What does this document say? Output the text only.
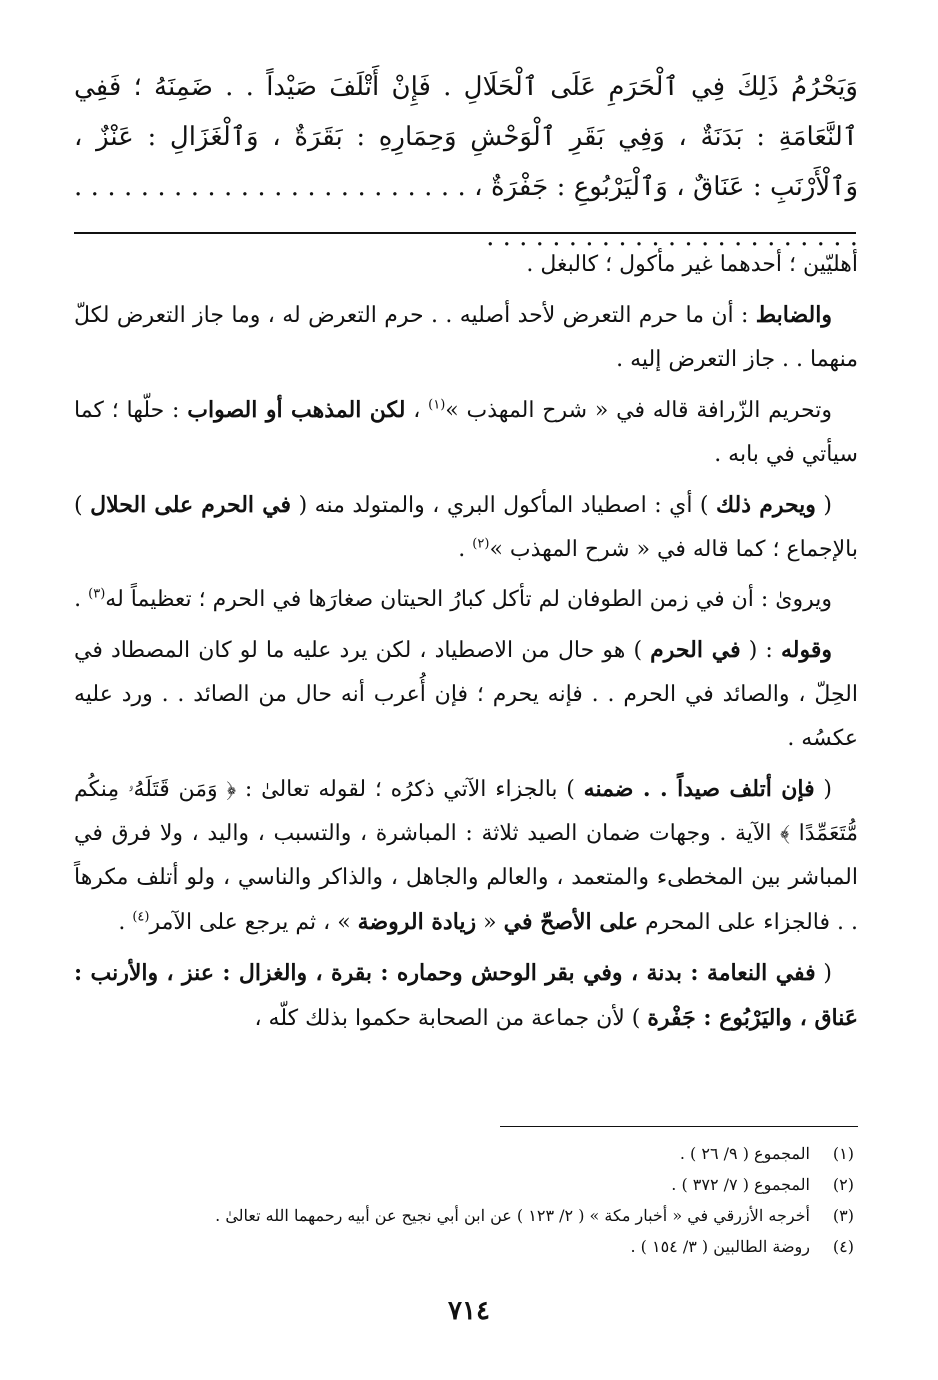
وَيَحْرُمُ ذَلِكَ فِي ٱلْحَرَمِ عَلَى ٱلْحَلَالِ . فَإِنْ أَتْلَفَ صَيْداً . . ضَمِنَهُ ؛ فَفِي ٱلنَّعَامَةِ : بَدَنَةٌ ، وَفِي بَقَرِ ٱلْوَحْشِ وَحِمَارِهِ : بَقَرَةٌ ، وَٱلْغَزَالِ : عَنْزٌ ، وَٱلْأَرْنَبِ : عَنَاقٌ ، وَٱلْيَرْبُوعِ : جَفْرَةٌ ، . . . . . . . . . . . . . . . . . . . . . . . . . . . . . . . . . . . . . . . . . . . . . . .

أهليّين ؛ أحدهما غير مأكول ؛ كالبغل .

والضابط : أن ما حرم التعرض لأحد أصليه . . حرم التعرض له ، وما جاز التعرض لكلّ منهما . . جاز التعرض إليه .

وتحريم الزّرافة قاله في « شرح المهذب »$^{(١)}$ ، لكن المذهب أو الصواب : حلّها ؛ كما سيأتي في بابه .

( ويحرم ذلك ) أي : اصطياد المأكول البري ، والمتولد منه ( في الحرم على الحلال ) بالإجماع ؛ كما قاله في « شرح المهذب »$^{(٢)}$ .

ويروىٰ : أن في زمن الطوفان لم تأكل كبارُ الحيتان صغارَها في الحرم ؛ تعظيماً له$^{(٣)}$ .

وقوله : ( في الحرم ) هو حال من الاصطياد ، لكن يرد عليه ما لو كان المصطاد في الحِلّ ، والصائد في الحرم . . فإنه يحرم ؛ فإن أُعرب أنه حال من الصائد . . ورد عليه عكسُه .

( فإن أتلف صيداً . . ضمنه ) بالجزاء الآتي ذكرُه ؛ لقوله تعالىٰ : ﴿ وَمَن قَتَلَهُۥ مِنكُم مُّتَعَمِّدًا ﴾ الآية . وجهات ضمان الصيد ثلاثة : المباشرة ، والتسبب ، واليد ، ولا فرق في المباشر بين المخطىء والمتعمد ، والعالم والجاهل ، والذاكر والناسي ، ولو أتلف مكرهاً . . فالجزاء على المحرم على الأصحّ في « زيادة الروضة » ، ثم يرجع على الآمر$^{(٤)}$ .

( ففي النعامة : بدنة ، وفي بقر الوحش وحماره : بقرة ، والغزال : عنز ، والأرنب : عَناق ، واليَرْبُوع : جَفْرة ) لأن جماعة من الصحابة حكموا بذلك كلّه ،

(١)
المجموع ( ٩/ ٢٦ ) .
(٢)
المجموع ( ٧/ ٣٧٢ ) .
(٣)
أخرجه الأزرقي في « أخبار مكة » ( ٢/ ١٢٣ ) عن ابن أبي نجيح عن أبيه رحمهما الله تعالىٰ .
(٤)
روضة الطالبين ( ٣/ ١٥٤ ) .
٧١٤
